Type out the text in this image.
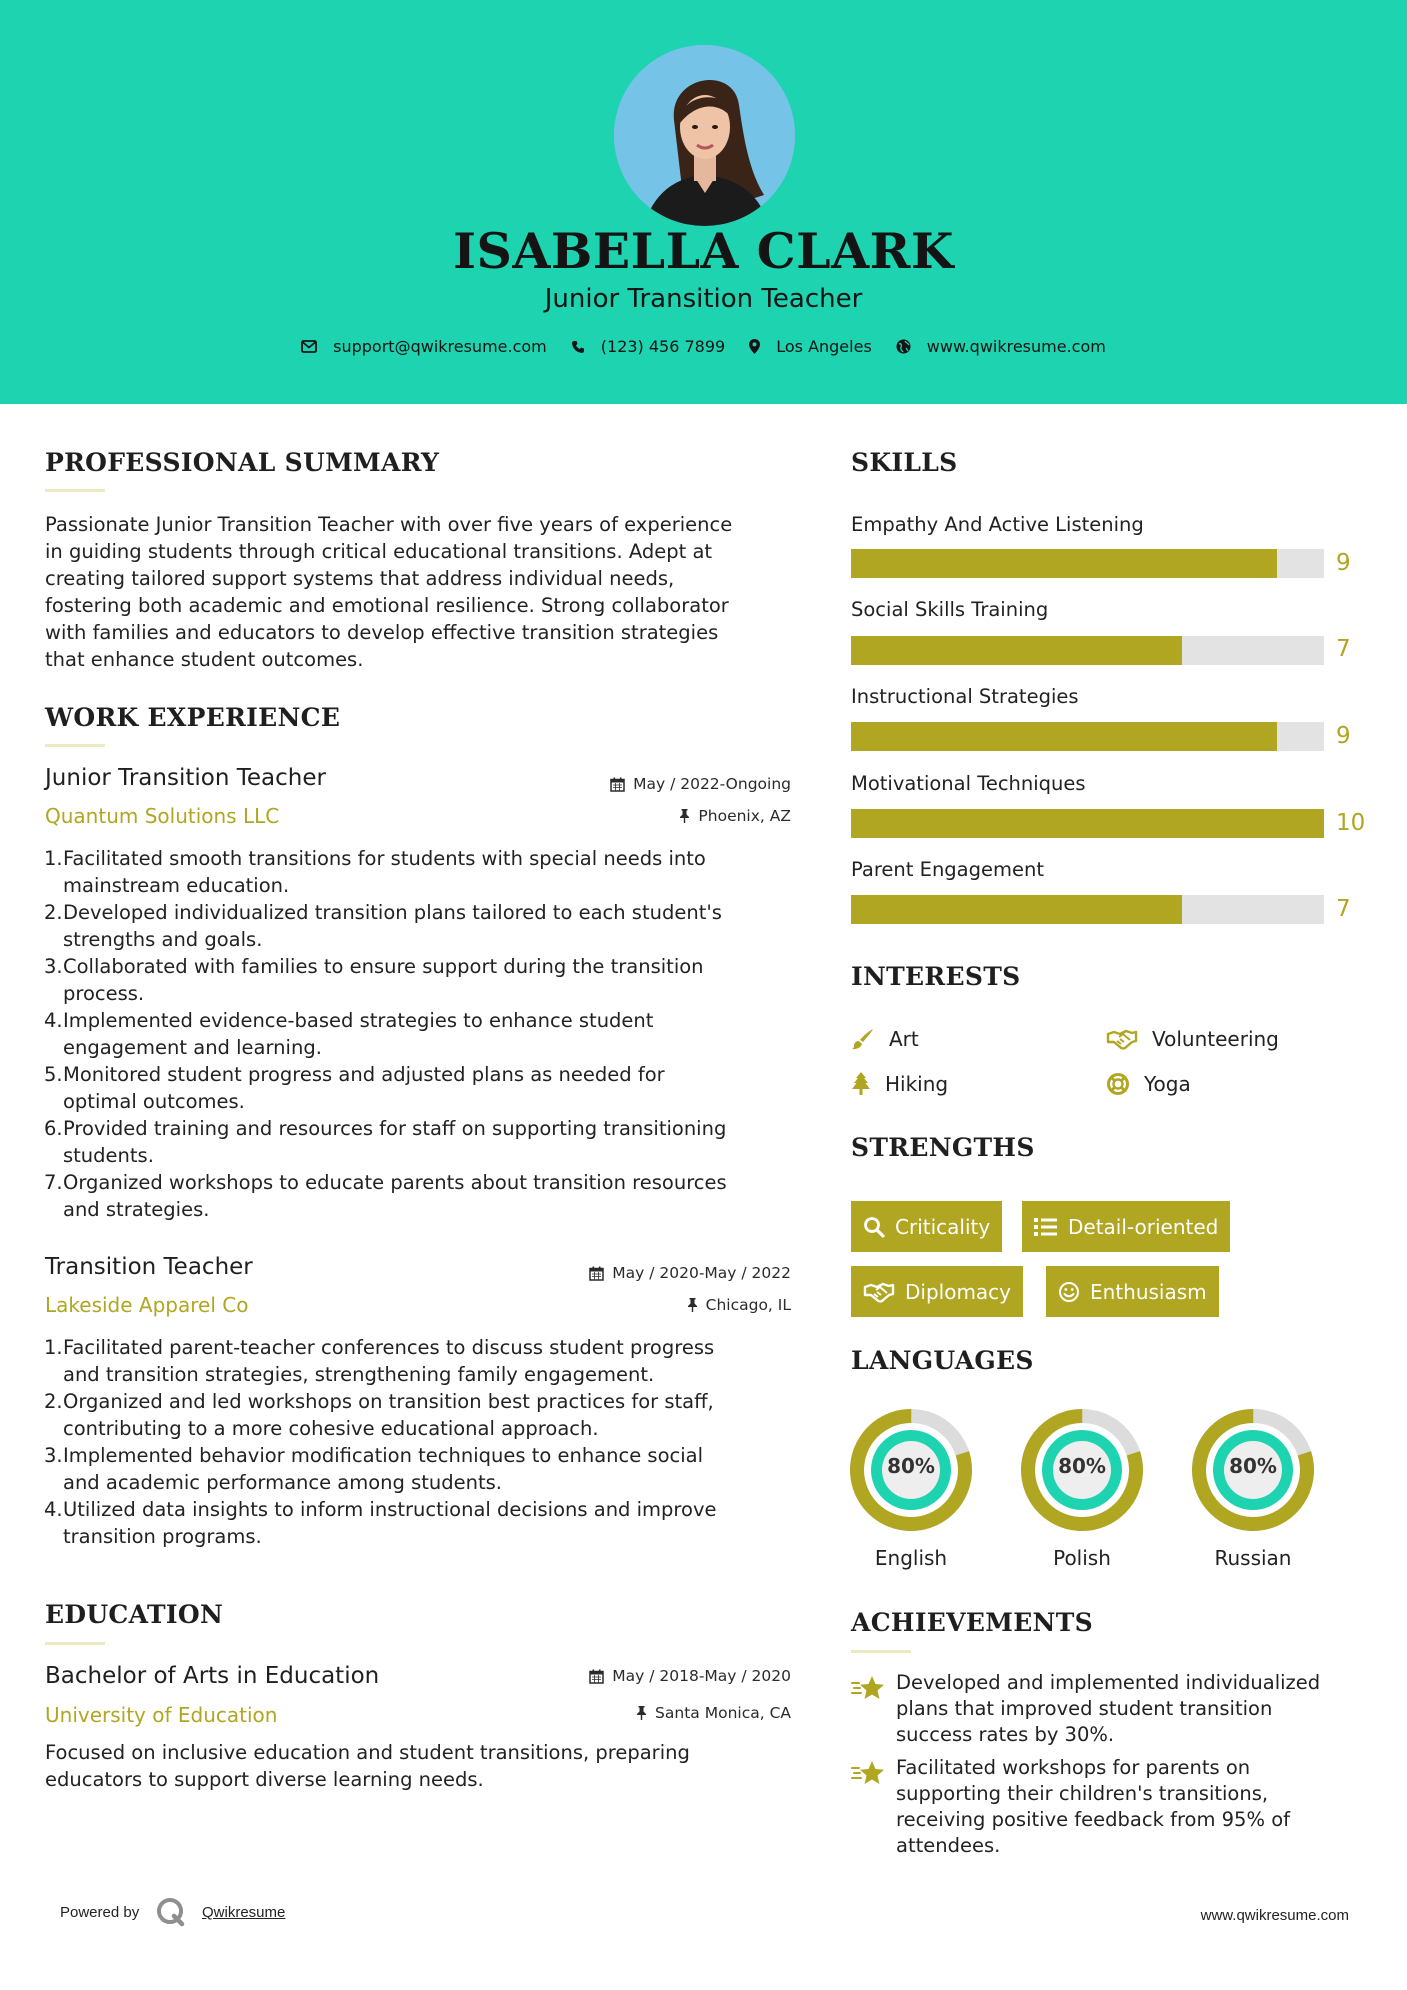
ISABELLA CLARK
Junior Transition Teacher
support@qwikresume.com	(123) 456 7899	Los Angeles	www.qwikresume.com
PROFESSIONAL SUMMARY
Passionate Junior Transition Teacher with over five years of experience
in guiding students through critical educational transitions. Adept at
creating tailored support systems that address individual needs,
fostering both academic and emotional resilience. Strong collaborator
with families and educators to develop effective transition strategies
that enhance student outcomes.
WORK EXPERIENCE
Junior Transition Teacher	May / 2022-Ongoing
Quantum Solutions LLC	Phoenix, AZ
1. Facilitated smooth transitions for students with special needs into
mainstream education.
2. Developed individualized transition plans tailored to each student's
strengths and goals.
3. Collaborated with families to ensure support during the transition
process.
4. Implemented evidence-based strategies to enhance student
engagement and learning.
5. Monitored student progress and adjusted plans as needed for
optimal outcomes.
6. Provided training and resources for staff on supporting transitioning
students.
7. Organized workshops to educate parents about transition resources
and strategies.
Transition Teacher	May / 2020-May / 2022
Lakeside Apparel Co	Chicago, IL
1. Facilitated parent-teacher conferences to discuss student progress
and transition strategies, strengthening family engagement.
2. Organized and led workshops on transition best practices for staff,
contributing to a more cohesive educational approach.
3. Implemented behavior modification techniques to enhance social
and academic performance among students.
4. Utilized data insights to inform instructional decisions and improve
transition programs.
EDUCATION
Bachelor of Arts in Education	May / 2018-May / 2020
University of Education	Santa Monica, CA
Focused on inclusive education and student transitions, preparing
educators to support diverse learning needs.
SKILLS
Empathy And Active Listening
9
Social Skills Training
7
Instructional Strategies
9
Motivational Techniques
10
Parent Engagement
7
INTERESTS
Art	Volunteering
Hiking	Yoga
STRENGTHS
Criticality	Detail-oriented
Diplomacy	Enthusiasm
LANGUAGES
80%
English
80%
Polish
80%
Russian
ACHIEVEMENTS
Developed and implemented individualized
plans that improved student transition
success rates by 30%.
Facilitated workshops for parents on
supporting their children's transitions,
receiving positive feedback from 95% of
attendees.
Powered by	Qwikresume	www.qwikresume.com
